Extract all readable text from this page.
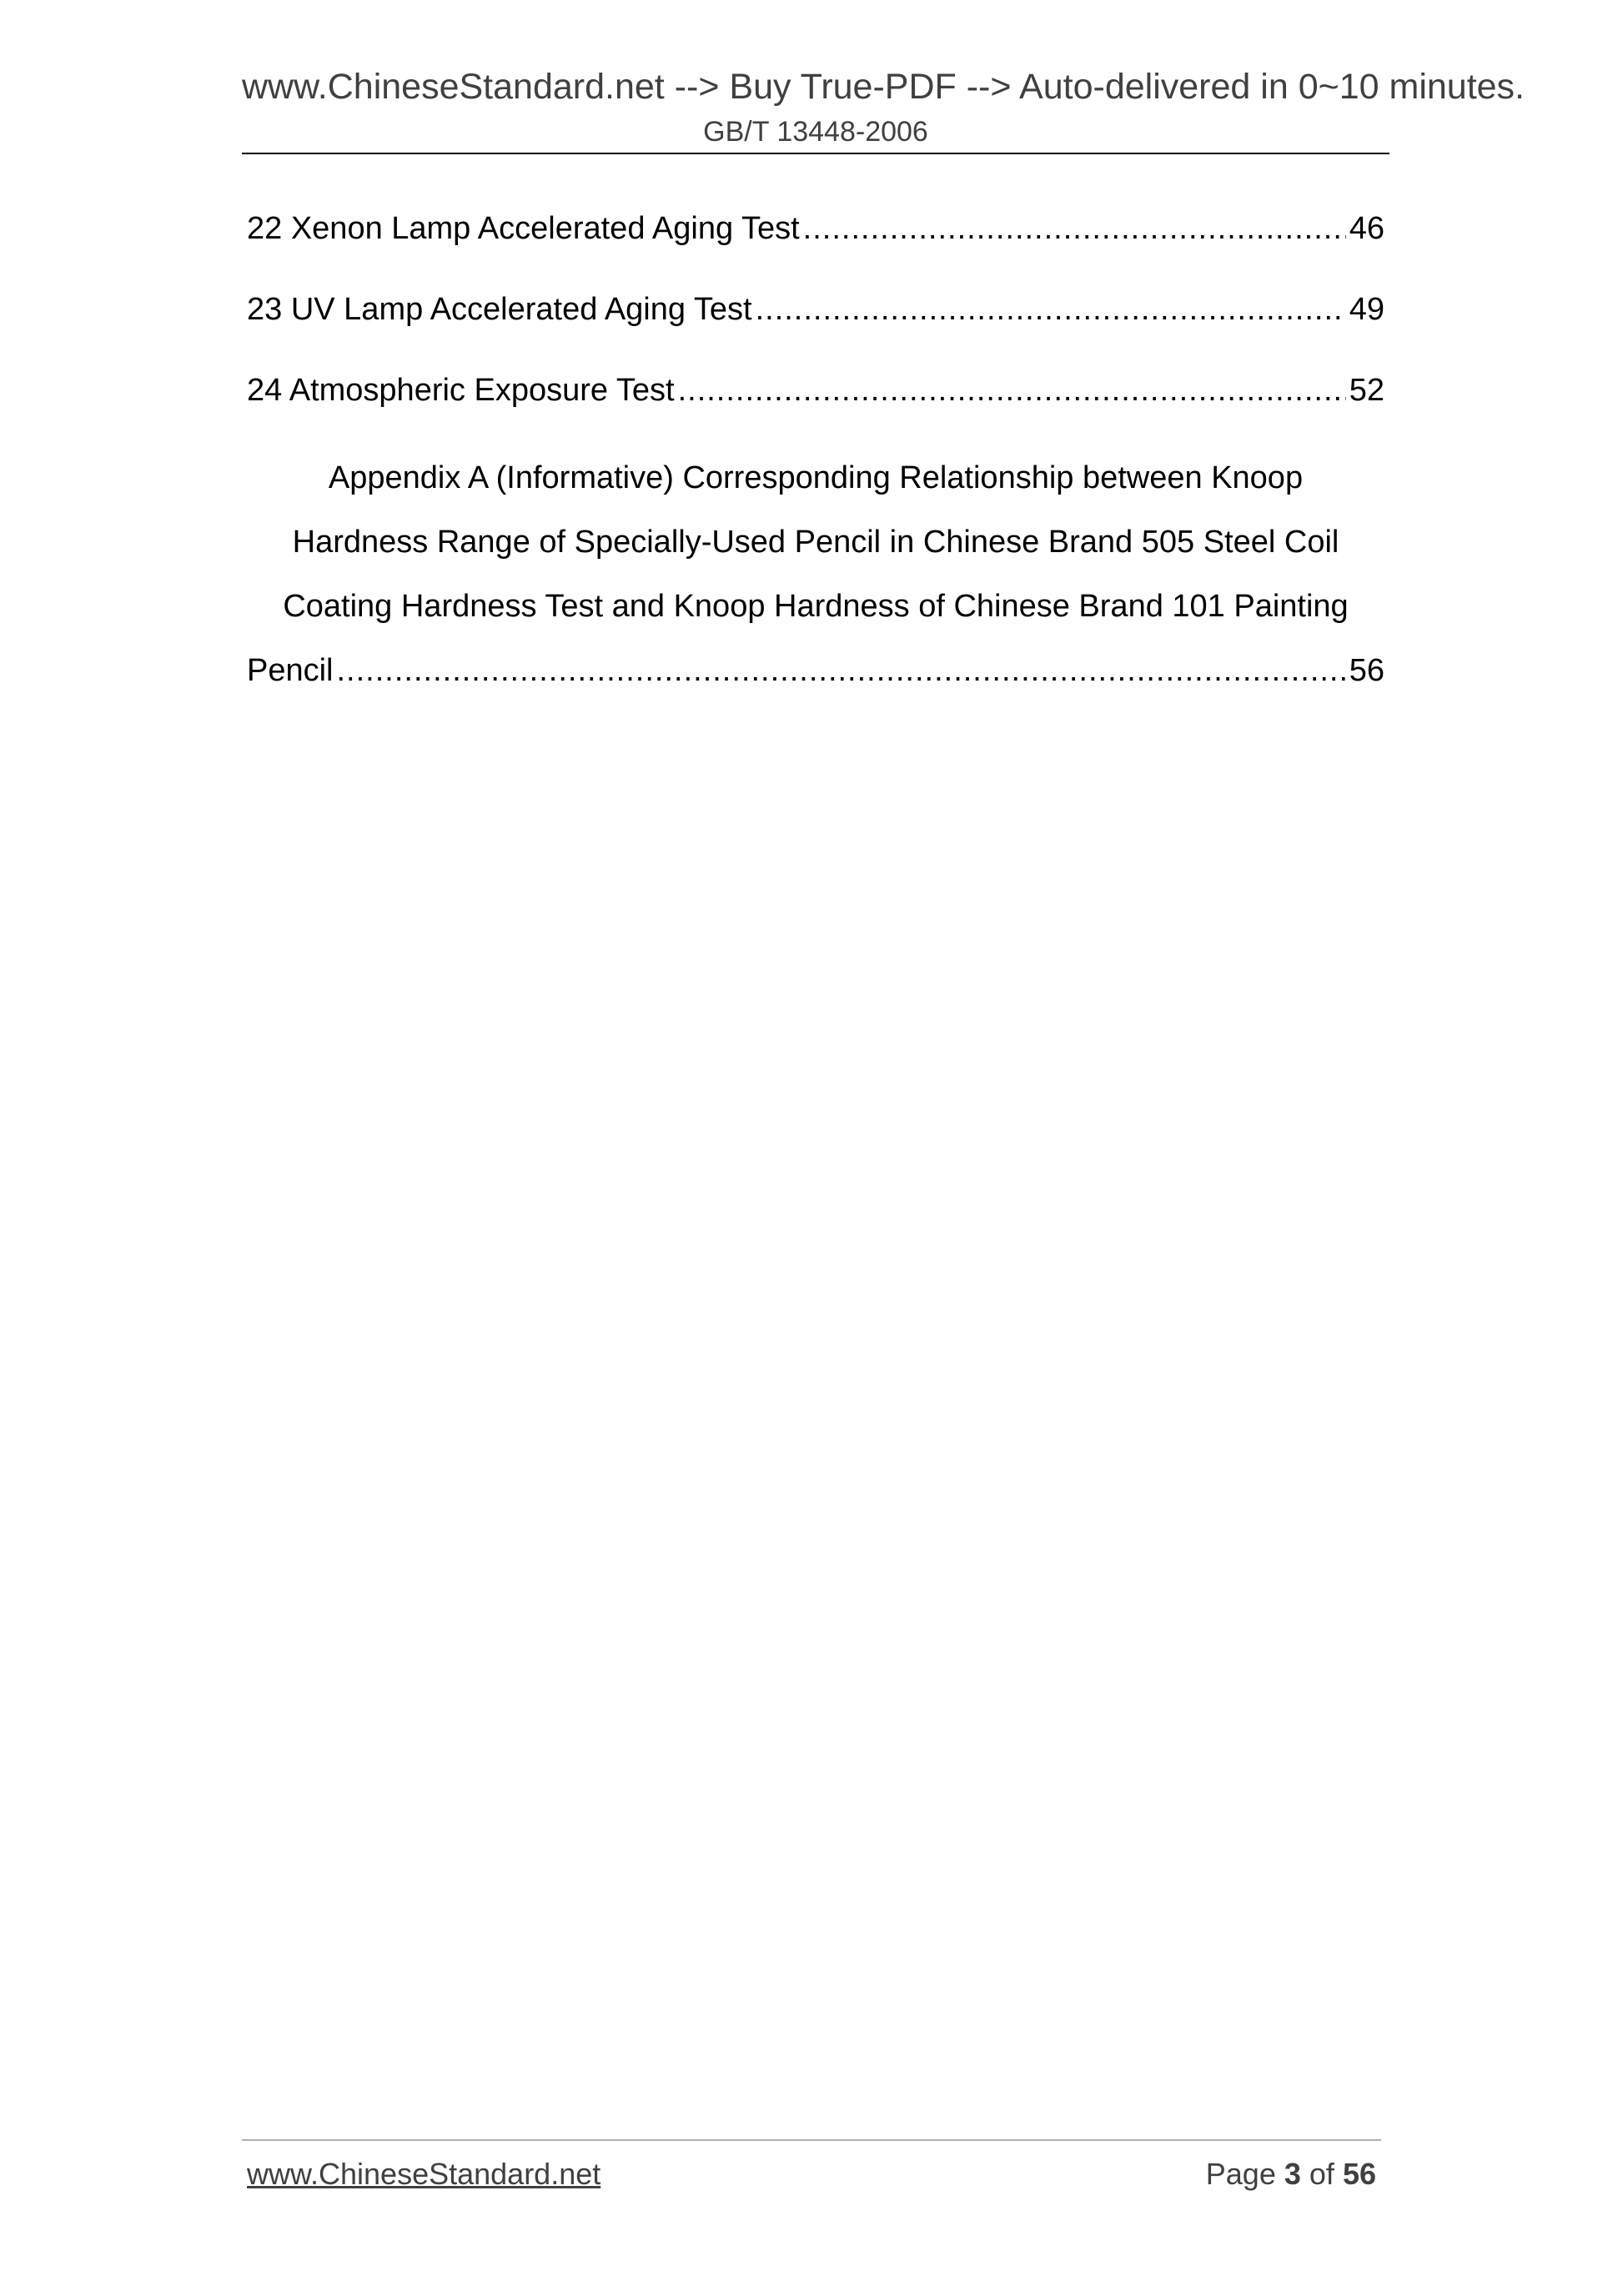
www.ChineseStandard.net --> Buy True-PDF --> Auto-delivered in 0~10 minutes.
GB/T 13448-2006
22 Xenon Lamp Accelerated Aging Test .....	46
23 UV Lamp Accelerated Aging Test .....	49
24 Atmospheric Exposure Test .....	52
Appendix A (Informative) Corresponding Relationship between Knoop
Hardness Range of Specially-Used Pencil in Chinese Brand 505 Steel Coil
Coating Hardness Test and Knoop Hardness of Chinese Brand 101 Painting
Pencil .....	56
www.ChineseStandard.net	Page 3 of 56
